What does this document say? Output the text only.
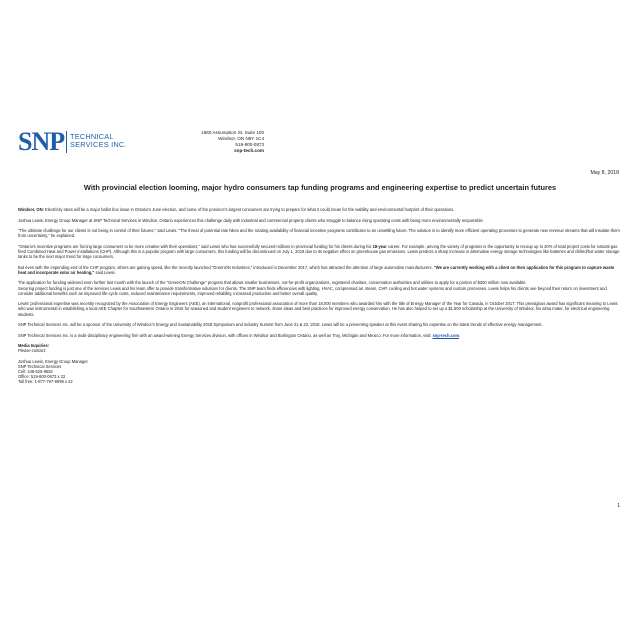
SNP TECHNICAL
SERVICES INC.
1860 Assumption St. Suite 100
Windsor, ON N8Y 1C4
519-800-0873
snp-tech.com
May 8, 2018
With provincial election looming, major hydro consumers tap funding programs and engineering expertise to predict uncertain futures

Windsor, ON: Electricity rates will be a major ballot box issue in Ontario's June election, and some of the province's largest consumers are trying to prepare for what it could mean for the viability and environmental footprint of their operations.

Joshua Lewis, Energy Group Manager at SNP Technical Services in Windsor, Ontario experiences this challenge daily with industrial and commercial property clients who struggle to balance rising operating costs with being more environmentally responsible.

"The ultimate challenge for our clients is not being in control of their futures," said Lewis. "The threat of potential rate hikes and the rotating availability of financial incentive programs contributes to an unsettling future. The solution is to identify more efficient operating processes to generate new revenue streams that will insulate them from uncertainty," he explained.

"Ontario's incentive programs are forcing large consumers to be more creative with their operations," said Lewis who has successfully secured millions in provincial funding for his clients during his 18-year career. For example, among the variety of programs is the opportunity to recoup up to 40% of total project costs for natural-gas fired Combined Heat and Power installations (CHP). Although this is a popular program with large consumers, this funding will be discontinued on July 1, 2018 due to its negative effect on greenhouse gas emissions. Lewis predicts a sharp increase in alternative energy storage technologies like batteries and chilled/hot water storage tanks to be the next major trend for large consumers.

But even with the impending end of the CHP program, others are gaining speed, like the recently launched "GreenON Industries," introduced in December 2017, which has attracted the attention of large automotive manufacturers. "We are currently working with a client on their application for this program to capture waste heat and incorporate solar air heating," said Lewis.

The application for funding widened even further last month with the launch of the "GreenON Challenge" program that allows smaller businesses, not-for-profit organizations, registered charities, conservation authorities and utilities to apply for a portion of $300 million now available.

Securing project funding is just one of the services Lewis and his team offer to provide transformative solutions for clients. The SNP team finds efficiencies with lighting, HVAC, compressed air, steam, CHP, cooling and hot water systems and custom processes. Lewis helps his clients see beyond their return on investment and consider additional benefits such as improved life-cycle costs, reduced maintenance requirements, improved reliability, increased production and better overall quality.

Lewis' professional expertise was recently recognized by the Association of Energy Engineers (AEE), an international, nonprofit professional association of more than 18,000 members who awarded him with the title of Energy Manager of the Year for Canada, in October 2017. This prestigious award has significant meaning to Lewis who was instrumental in establishing a local AEE Chapter for Southwestern Ontario in 2016 for seasoned and student engineers to network, share ideas and best practices for improved energy conservation. He has also helped to set up a $1,500 scholarship at the University of Windsor, his alma mater, for electrical engineering students.

SNP Technical Services Inc. will be a sponsor of the University of Windsor's Energy and Sustainability 2018 Symposium and Industry Summit from June 21 & 22, 2018. Lewis will be a presenting speaker at this event sharing his expertise on the latest trends of effective energy management.

SNP Technical Services Inc. is a multi-disciplinary engineering firm with an award-winning Energy Services division, with offices in Windsor and Burlington Ontario, as well as Troy, Michigan and Mexico. For more information, visit: snp-tech.com.

Media Inquiries:
Please contact:
Joshua Lewis, Energy Group Manager
SNP Technical Services
Cell: 248-525-9592
Office: 519-800-0873 x 22
Toll free: 1-877-767-9099 x 22
1
